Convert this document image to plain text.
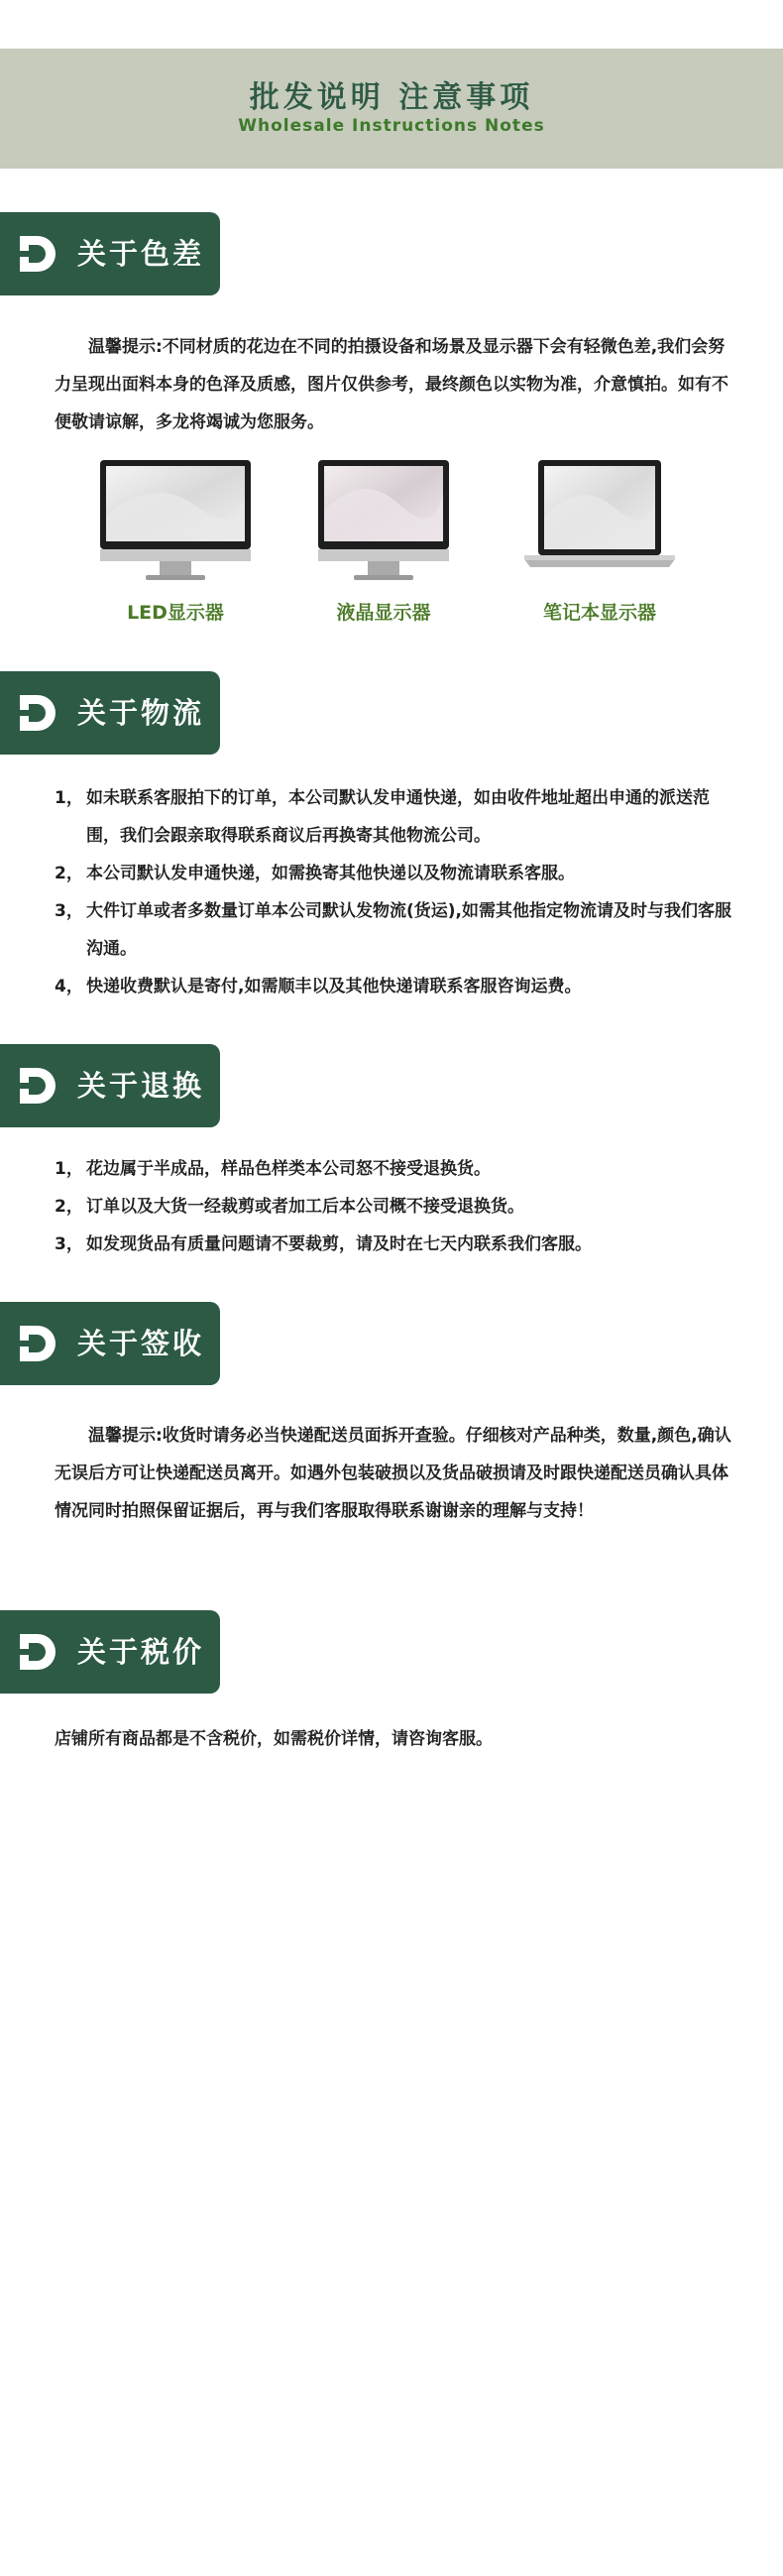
批发说明 注意事项
Wholesale Instructions Notes
关于色差
温馨提示:不同材质的花边在不同的拍摄设备和场景及显示器下会有轻微色差,我们会努力呈现出面料本身的色泽及质感，图片仅供参考，最终颜色以实物为准，介意慎拍。如有不便敬请谅解，多龙将竭诚为您服务。
LED显示器	液晶显示器	笔记本显示器
关于物流
1， 如未联系客服拍下的订单，本公司默认发申通快递，如由收件地址超出申通的派送范围，我们会跟亲取得联系商议后再换寄其他物流公司。
2， 本公司默认发申通快递，如需换寄其他快递以及物流请联系客服。
3， 大件订单或者多数量订单本公司默认发物流(货运),如需其他指定物流请及时与我们客服沟通。
4， 快递收费默认是寄付,如需顺丰以及其他快递请联系客服咨询运费。
关于退换
1， 花边属于半成品，样品色样类本公司怒不接受退换货。
2， 订单以及大货一经裁剪或者加工后本公司概不接受退换货。
3， 如发现货品有质量问题请不要裁剪，请及时在七天内联系我们客服。
关于签收
温馨提示:收货时请务必当快递配送员面拆开查验。仔细核对产品种类，数量,颜色,确认无误后方可让快递配送员离开。如遇外包装破损以及货品破损请及时跟快递配送员确认具体情况同时拍照保留证据后，再与我们客服取得联系谢谢亲的理解与支持！
关于税价
店铺所有商品都是不含税价，如需税价详情，请咨询客服。
